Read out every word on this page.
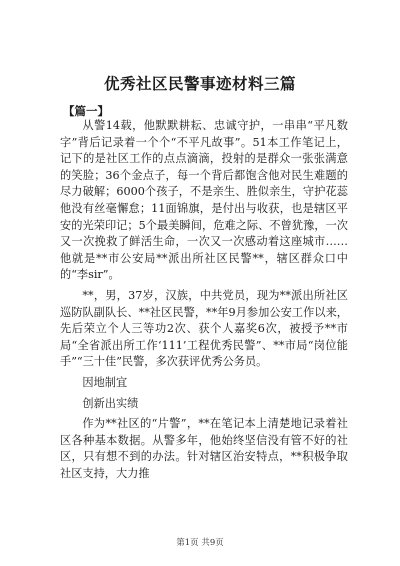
优秀社区民警事迹材料三篇
【篇一】

从警14载，他默默耕耘、忠诚守护，一串串“平凡数字”背后记录着一个个“不平凡故事”。51本工作笔记上，记下的是社区工作的点点滴滴，投射的是群众一张张满意的笑脸；36个金点子，每一个背后都饱含他对民生难题的尽力破解；6000个孩子，不是亲生、胜似亲生，守护花蕊他没有丝毫懈怠；11面锦旗，是付出与收获，也是辖区平安的光荣印记；5个最美瞬间，危难之际、不曾犹豫，一次又一次挽救了鲜活生命，一次又一次感动着这座城市……他就是**市公安局**派出所社区民警**，辖区群众口中的“李sir”。

**，男，37岁，汉族，中共党员，现为**派出所社区巡防队副队长、**社区民警，**年9月参加公安工作以来，先后荣立个人三等功2次、获个人嘉奖6次，被授予**市局“全省派出所工作‘111’工程优秀民警”、**市局“岗位能手”“三十佳”民警，多次获评优秀公务员。

因地制宜

创新出实绩

作为**社区的“片警”，**在笔记本上清楚地记录着社区各种基本数据。从警多年，他始终坚信没有管不好的社区，只有想不到的办法。针对辖区治安特点，**积极争取社区支持，大力推

第1页 共9页
